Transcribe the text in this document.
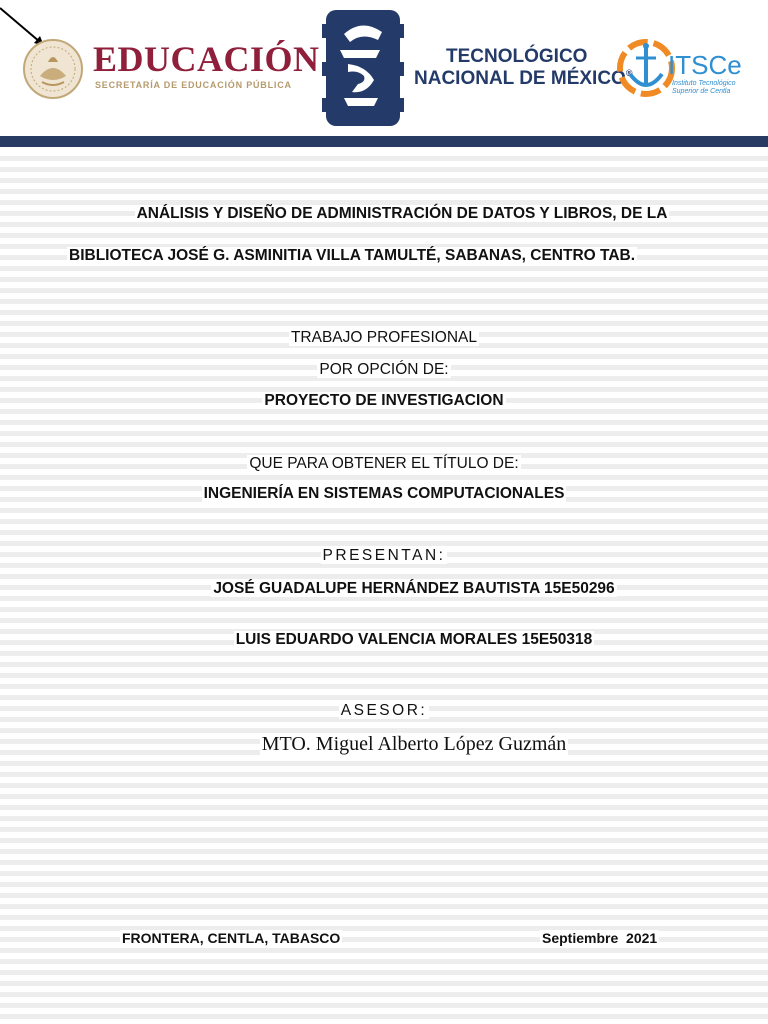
EDUCACIÓN
SECRETARÍA DE EDUCACIÓN PÚBLICA
TECNOLÓGICO
NACIONAL DE MÉXICO® ITSCe
Instituto Tecnológico
Superior de Centla
ANÁLISIS Y DISEÑO DE ADMINISTRACIÓN DE DATOS Y LIBROS, DE LA
BIBLIOTECA JOSÉ G. ASMINITIA VILLA TAMULTÉ, SABANAS, CENTRO TAB.
TRABAJO PROFESIONAL
POR OPCIÓN DE:
PROYECTO DE INVESTIGACION
QUE PARA OBTENER EL TÍTULO DE:
INGENIERÍA EN SISTEMAS COMPUTACIONALES
PRESENTAN:
JOSÉ GUADALUPE HERNÁNDEZ BAUTISTA 15E50296
LUIS EDUARDO VALENCIA MORALES 15E50318
ASESOR:
MTO. Miguel Alberto López Guzmán
FRONTERA, CENTLA, TABASCO	Septiembre  2021
